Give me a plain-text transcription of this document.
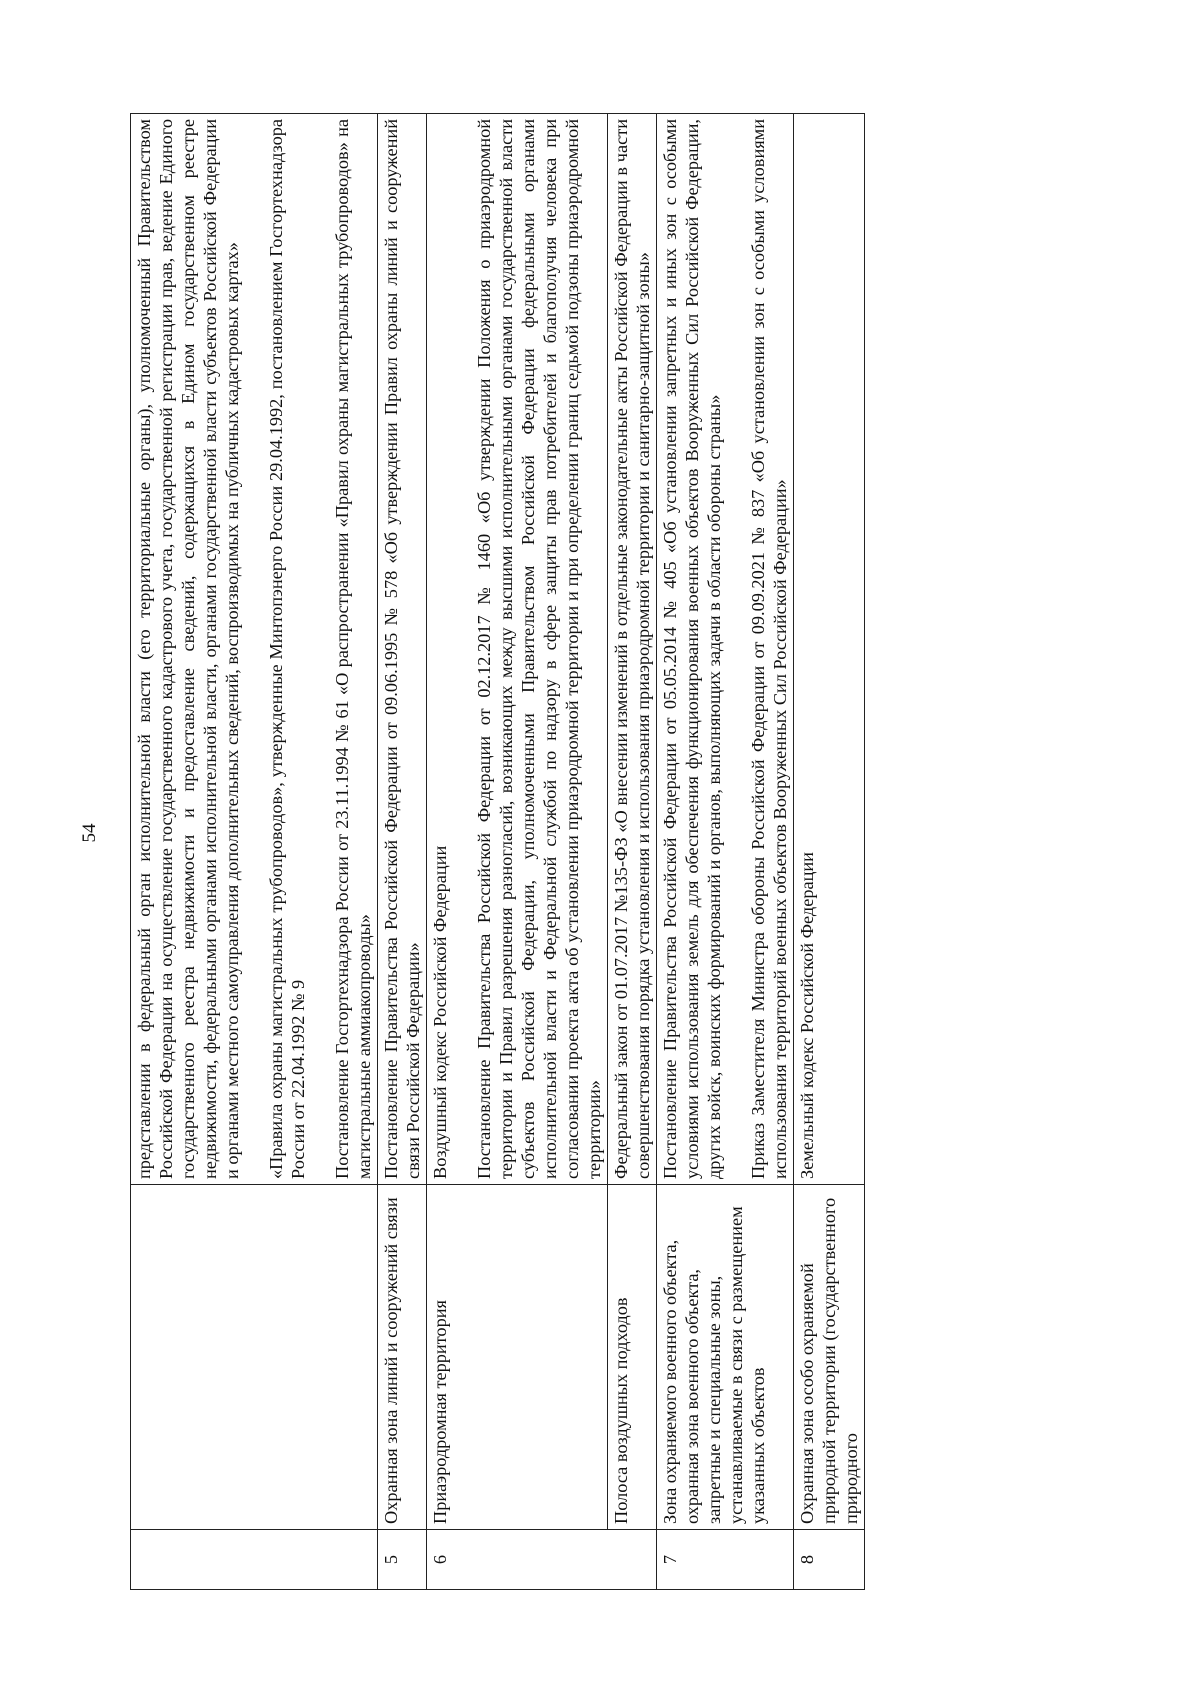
54

		представлении в федеральный орган исполнительной власти (его территориальные органы), уполномоченный Правительством Российской Федерации на осуществление государственного кадастрового учета, государственной регистрации прав, ведение Единого государственного реестра недвижимости и предоставление сведений, содержащихся в Едином государственном реестре недвижимости, федеральными органами исполнительной власти, органами государственной власти субъектов Российской Федерации и органами местного самоуправления дополнительных сведений, воспроизводимых на публичных кадастровых картах» «Правила охраны магистральных трубопроводов», утвержденные Минтопэнерго России 29.04.1992, постановлением Госгортехнадзора России от 22.04.1992 № 9 Постановление Госгортехнадзора России от 23.11.1994 № 61 «О распространении «Правил охраны магистральных трубопроводов» на магистральные аммиакопроводы»

5	Охранная зона линий и сооружений связи	Постановление Правительства Российской Федерации от 09.06.1995 № 578 «Об утверждении Правил охраны линий и сооружений связи Российской Федерации»

6	Приаэродромная территория	Воздушный кодекс Российской Федерации Постановление Правительства Российской Федерации от 02.12.2017 № 1460 «Об утверждении Положения о приаэродромной территории и Правил разрешения разногласий, возникающих между высшими исполнительными органами государственной власти субъектов Российской Федерации, уполномоченными Правительством Российской Федерации федеральными органами исполнительной власти и Федеральной службой по надзору в сфере защиты прав потребителей и благополучия человека при согласовании проекта акта об установлении приаэродромной территории и при определении границ седьмой подзоны приаэродромной территории»

	Полоса воздушных подходов	Федеральный закон от 01.07.2017 №135-ФЗ «О внесении изменений в отдельные законодательные акты Российской Федерации в части совершенствования порядка установления и использования приаэродромной территории и санитарно-защитной зоны»

7	Зона охраняемого военного объекта, охранная зона военного объекта, запретные и специальные зоны, устанавливаемые в связи с размещением указанных объектов	Постановление Правительства Российской Федерации от 05.05.2014 № 405 «Об установлении запретных и иных зон с особыми условиями использования земель для обеспечения функционирования военных объектов Вооруженных Сил Российской Федерации, других войск, воинских формирований и органов, выполняющих задачи в области обороны страны» Приказ Заместителя Министра обороны Российской Федерации от 09.09.2021 № 837 «Об установлении зон с особыми условиями использования территорий военных объектов Вооруженных Сил Российской Федерации»

8	Охранная зона особо охраняемой природной территории (государственного природного	Земельный кодекс Российской Федерации
